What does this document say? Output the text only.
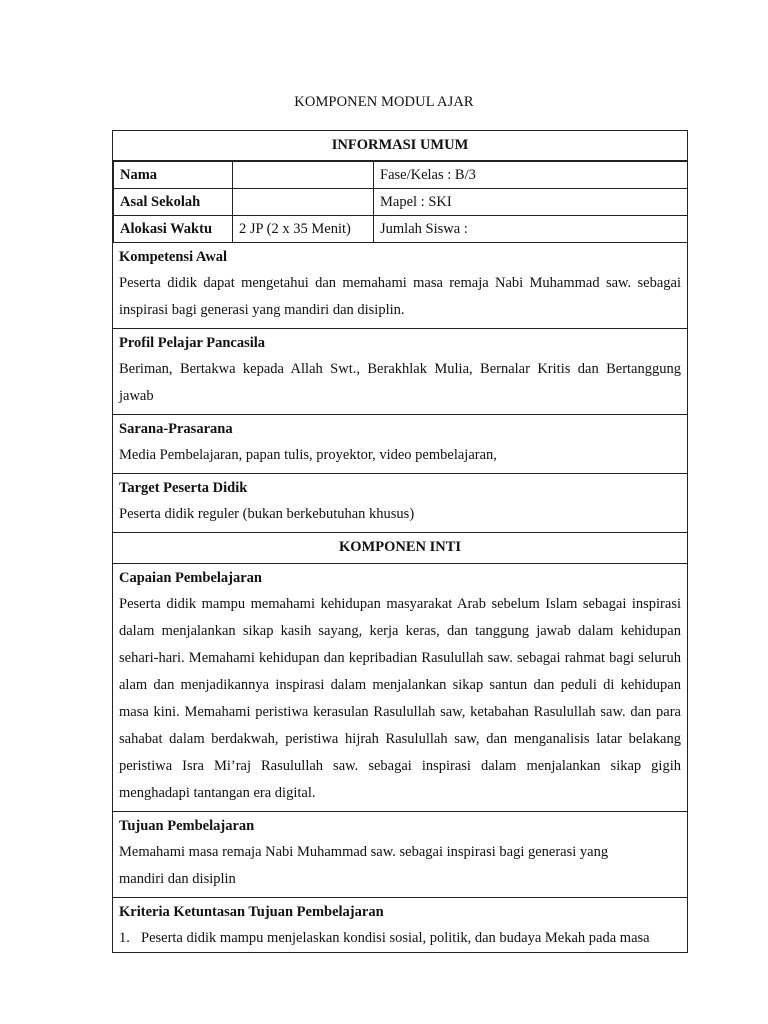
KOMPONEN MODUL AJAR
INFORMASI UMUM
Nama		Fase/Kelas : B/3
Asal Sekolah		Mapel : SKI
Alokasi Waktu	2 JP (2 x 35 Menit)	Jumlah Siswa :
Kompetensi Awal
Peserta didik dapat mengetahui dan memahami masa remaja Nabi Muhammad saw. sebagai inspirasi bagi generasi yang mandiri dan disiplin.
Profil Pelajar Pancasila
Beriman, Bertakwa kepada Allah Swt., Berakhlak Mulia, Bernalar Kritis dan Bertanggung jawab
Sarana-Prasarana
Media Pembelajaran, papan tulis, proyektor, video pembelajaran,
Target Peserta Didik
Peserta didik reguler (bukan berkebutuhan khusus)
KOMPONEN INTI
Capaian Pembelajaran
Peserta didik mampu memahami kehidupan masyarakat Arab sebelum Islam sebagai inspirasi dalam menjalankan sikap kasih sayang, kerja keras, dan tanggung jawab dalam kehidupan sehari-hari. Memahami kehidupan dan kepribadian Rasulullah saw. sebagai rahmat bagi seluruh alam dan menjadikannya inspirasi dalam menjalankan sikap santun dan peduli di kehidupan masa kini. Memahami peristiwa kerasulan Rasulullah saw, ketabahan Rasulullah saw. dan para sahabat dalam berdakwah, peristiwa hijrah Rasulullah saw, dan menganalisis latar belakang peristiwa Isra Mi’raj Rasulullah saw. sebagai inspirasi dalam menjalankan sikap gigih menghadapi tantangan era digital.
Tujuan Pembelajaran
Memahami masa remaja Nabi Muhammad saw. sebagai inspirasi bagi generasi yang
mandiri dan disiplin
Kriteria Ketuntasan Tujuan Pembelajaran
1. Peserta didik mampu menjelaskan kondisi sosial, politik, dan budaya Mekah pada masa
